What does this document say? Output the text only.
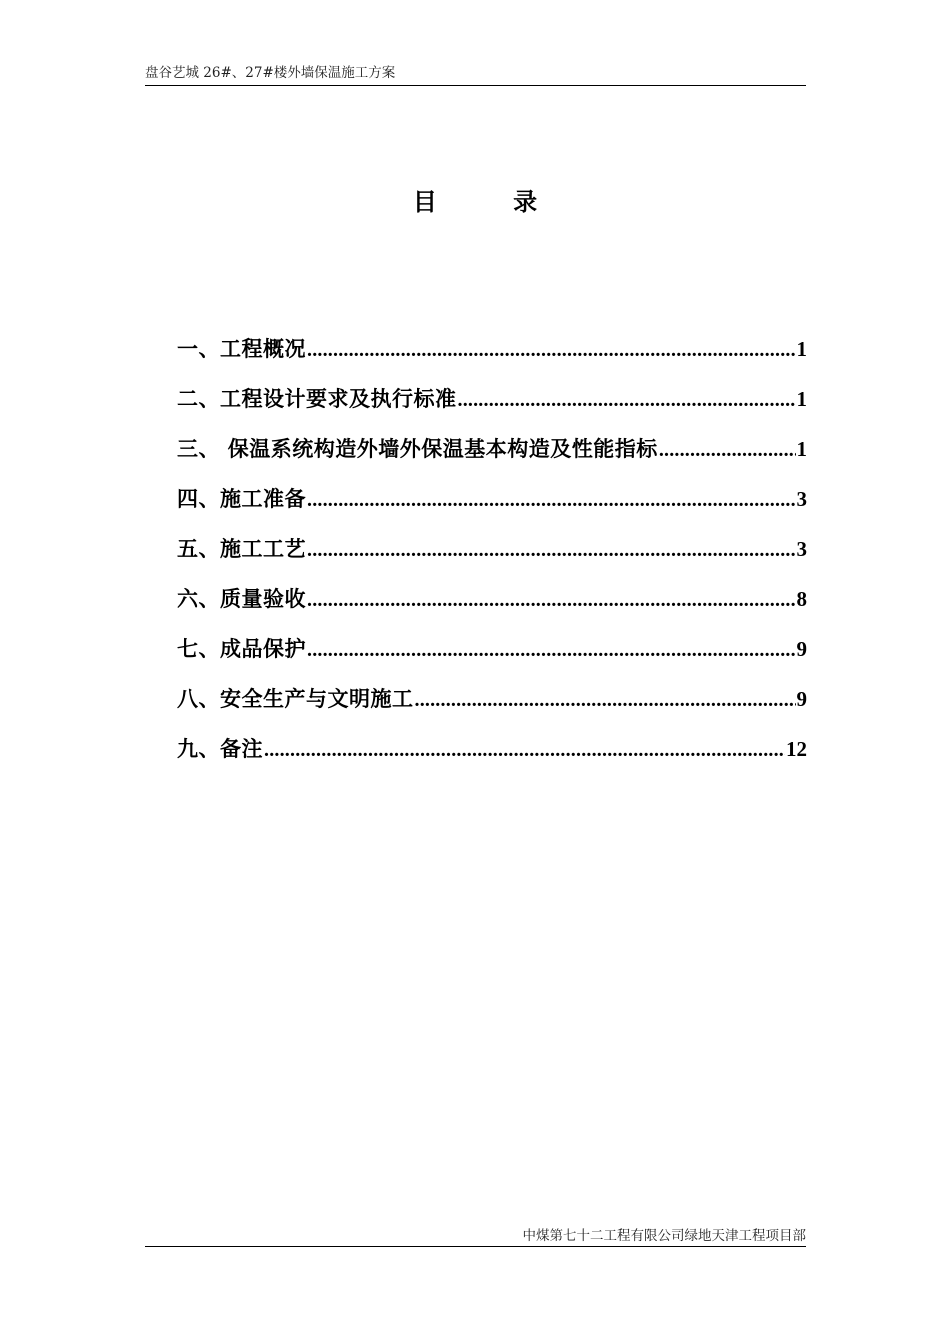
盘谷艺城 26#、27#楼外墙保温施工方案
目 录
一、工程概况 .....	1
二、工程设计要求及执行标准 .....	1
三、 保温系统构造外墙外保温基本构造及性能指标 .....	1
四、施工准备 .....	3
五、施工工艺 .....	3
六、质量验收 .....	8
七、成品保护 .....	9
八、安全生产与文明施工 .....	9
九、备注 .....	12
中煤第七十二工程有限公司绿地天津工程项目部
